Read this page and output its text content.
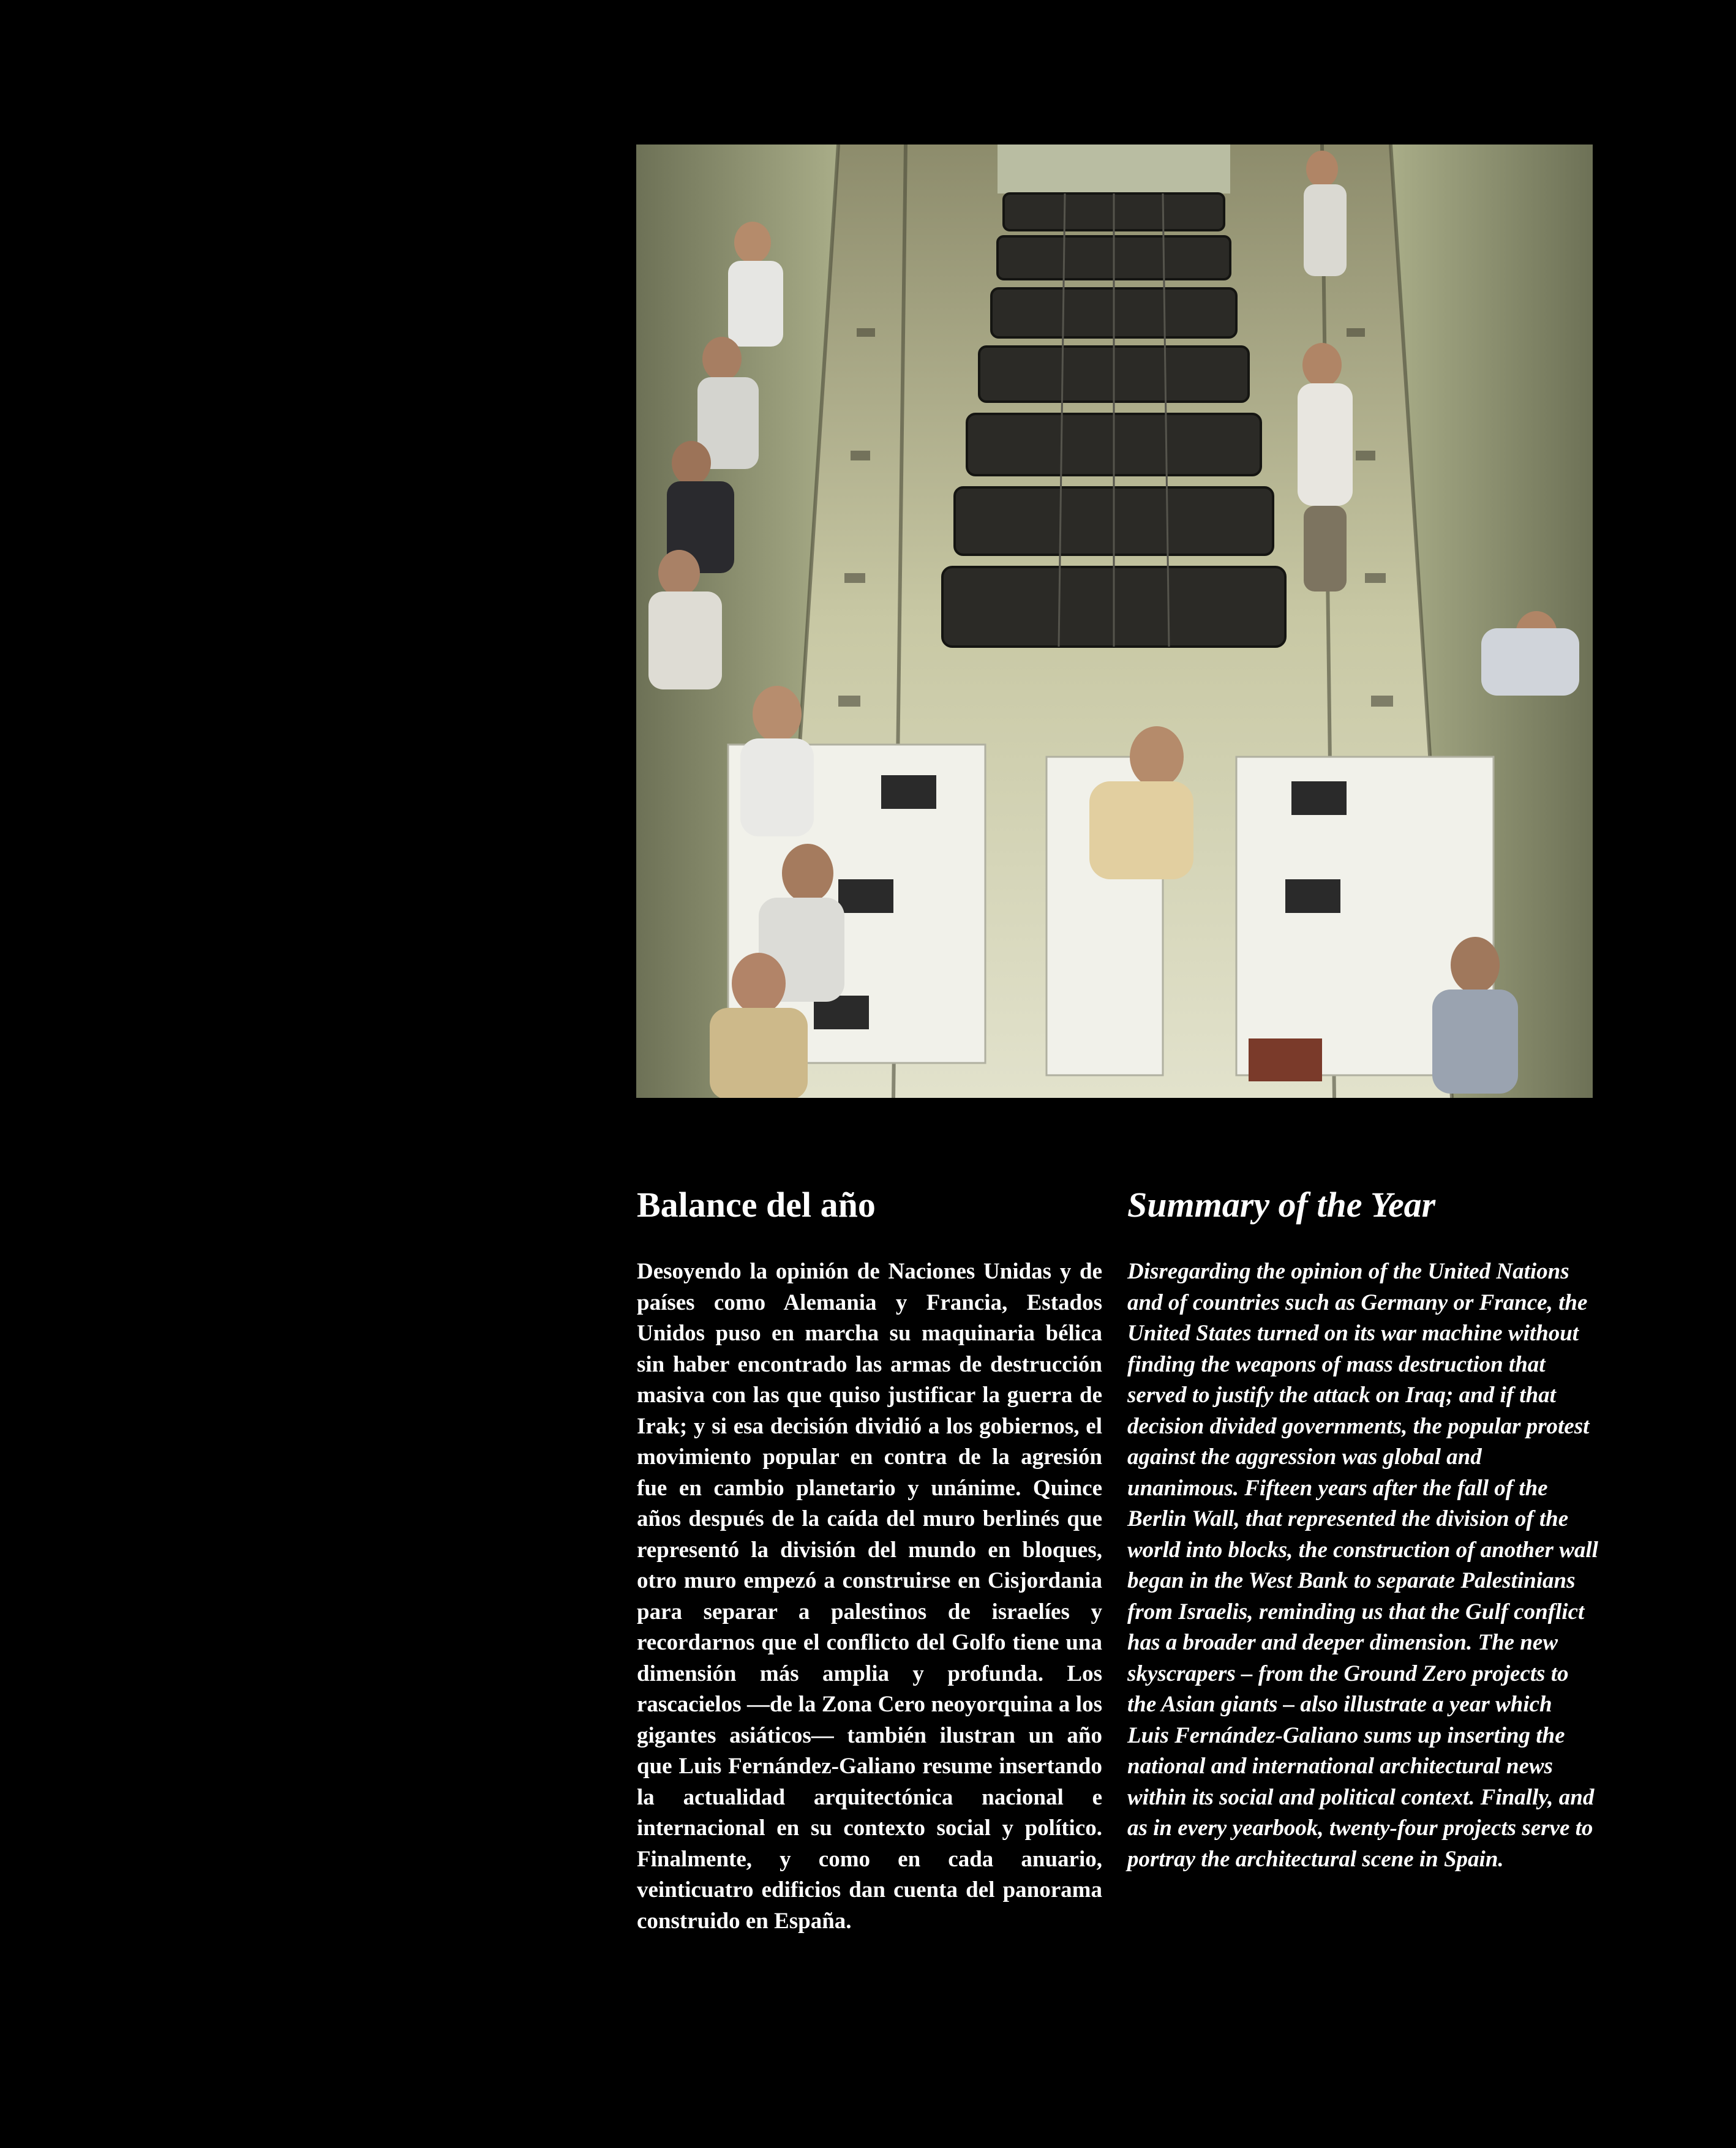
Balance del año

Desoyendo la opinión de Naciones Unidas y de países como Alemania y Francia, Estados Unidos puso en marcha su maquinaria bélica sin haber encontrado las armas de destrucción masiva con las que quiso justificar la guerra de Irak; y si esa decisión dividió a los gobiernos, el movimiento popular en contra de la agresión fue en cambio planetario y unánime. Quince años después de la caída del muro berlinés que representó la división del mundo en bloques, otro muro empezó a construirse en Cisjordania para separar a palestinos de israelíes y recordarnos que el conflicto del Golfo tiene una dimensión más amplia y profunda. Los rascacielos —de la Zona Cero neoyorquina a los gigantes asiáticos— también ilustran un año que Luis Fernández-Galiano resume insertando la actualidad arquitectónica nacional e internacional en su contexto social y político. Finalmente, y como en cada anuario, veinticuatro edificios dan cuenta del panorama construido en España.

Summary of the Year

Disregarding the opinion of the United Nations and of countries such as Germany or France, the United States turned on its war machine without finding the weapons of mass destruction that served to justify the attack on Iraq; and if that decision divided governments, the popular protest against the aggression was global and unanimous. Fifteen years after the fall of the Berlin Wall, that represented the division of the world into blocks, the construction of another wall began in the West Bank to separate Palestinians from Israelis, reminding us that the Gulf conflict has a broader and deeper dimension. The new skyscrapers – from the Ground Zero projects to the Asian giants – also illustrate a year which Luis Fernández-Galiano sums up inserting the national and international architectural news within its social and political context. Finally, and as in every yearbook, twenty-four projects serve to portray the architectural scene in Spain.
